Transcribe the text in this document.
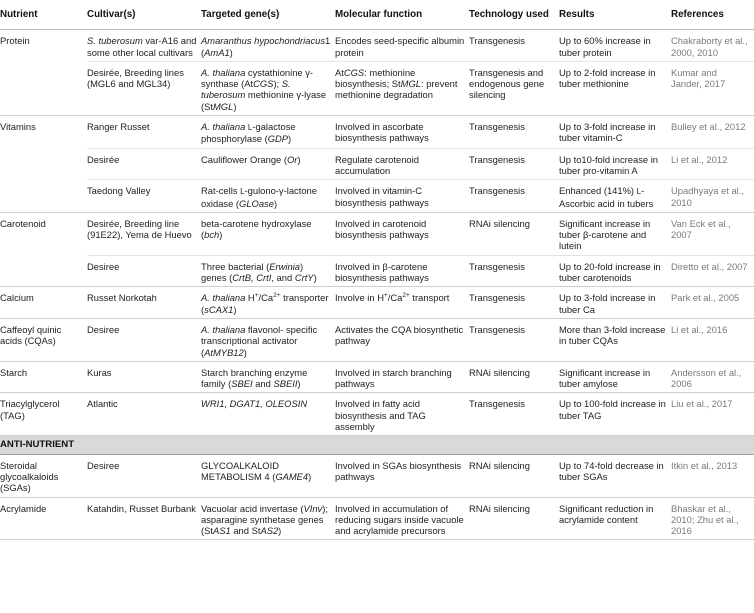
Nutrient	Cultivar(s)	Targeted gene(s)	Molecular function	Technology used	Results	References
Protein	S. tuberosum var-A16 and some other local cultivars	Amaranthus hypochondriacus1 (AmA1)	Encodes seed-specific albumin protein	Transgenesis	Up to 60% increase in tuber protein	Chakraborty et al., 2000, 2010
	Desirée, Breeding lines (MGL6 and MGL34)	A. thaliana cystathionine γ-synthase (AtCGS); S. tuberosum methionine γ-lyase (StMGL)	AtCGS: methionine biosynthesis; StMGL: prevent methionine degradation	Transgenesis and endogenous gene silencing	Up to 2-fold increase in tuber methionine	Kumar and Jander, 2017
Vitamins	Ranger Russet	A. thaliana L-galactose phosphorylase (GDP)	Involved in ascorbate biosynthesis pathways	Transgenesis	Up to 3-fold increase in tuber vitamin-C	Bulley et al., 2012
	Desirée	Cauliflower Orange (Or)	Regulate carotenoid accumulation	Transgenesis	Up to10-fold increase in tuber pro-vitamin A	Li et al., 2012
	Taedong Valley	Rat-cells L-gulono-γ-lactone oxidase (GLOase)	Involved in vitamin-C biosynthesis pathways	Transgenesis	Enhanced (141%) L-Ascorbic acid in tubers	Upadhyaya et al., 2010
Carotenoid	Desirée, Breeding line (91E22), Yema de Huevo	beta-carotene hydroxylase (bch)	Involved in carotenoid biosynthesis pathways	RNAi silencing	Significant increase in tuber β-carotene and lutein	Van Eck et al., 2007
	Desiree	Three bacterial (Erwinia) genes (CrtB, CrtI, and CrtY)	Involved in β-carotene biosynthesis pathways	Transgenesis	Up to 20-fold increase in tuber carotenoids	Diretto et al., 2007
Calcium	Russet Norkotah	A. thaliana $H^+/Ca^{2+}$ transporter (sCAX1)	Involve in $H^+/Ca^{2+}$ transport	Transgenesis	Up to 3-fold increase in tuber Ca	Park et al., 2005
Caffeoyl quinic acids (CQAs)	Desiree	A. thaliana flavonol- specific transcriptional activator (AtMYB12)	Activates the CQA biosynthetic pathway	Transgenesis	More than 3-fold increase in tuber CQAs	Li et al., 2016
Starch	Kuras	Starch branching enzyme family (SBEI and SBEII)	Involved in starch branching pathways	RNAi silencing	Significant increase in tuber amylose	Andersson et al., 2006
Triacylglycerol (TAG)	Atlantic	WRI1, DGAT1, OLEOSIN	Involved in fatty acid biosynthesis and TAG assembly	Transgenesis	Up to 100-fold increase in tuber TAG	Liu et al., 2017
ANTI-NUTRIENT						
Steroidal glycoalkaloids (SGAs)	Desiree	GLYCOALKALOID METABOLISM 4 (GAME4)	Involved in SGAs biosynthesis pathways	RNAi silencing	Up to 74-fold decrease in tuber SGAs	Itkin et al., 2013
Acrylamide	Katahdin, Russet Burbank	Vacuolar acid invertase (VInv); asparagine synthetase genes (StAS1 and StAS2)	Involved in accumulation of reducing sugars inside vacuole and acrylamide precursors	RNAi silencing	Significant reduction in acrylamide content	Bhaskar et al., 2010; Zhu et al., 2016
